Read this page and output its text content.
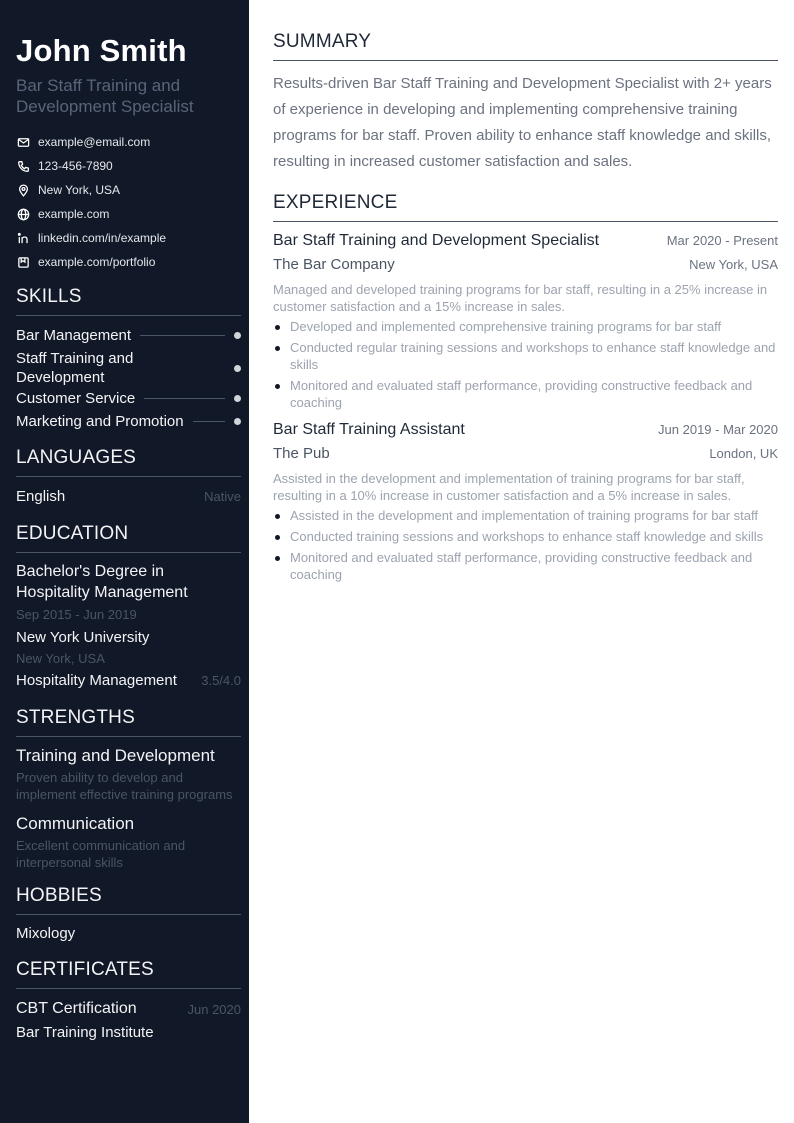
John Smith
Bar Staff Training and Development Specialist
example@email.com
123-456-7890
New York, USA
example.com
linkedin.com/in/example
example.com/portfolio
SKILLS
Bar Management
Staff Training and Development
Customer Service
Marketing and Promotion
LANGUAGES
English	Native
EDUCATION
Bachelor's Degree in Hospitality Management
Sep 2015 - Jun 2019
New York University
New York, USA
Hospitality Management 3.5/4.0
STRENGTHS
Training and Development
Proven ability to develop and implement effective training programs
Communication
Excellent communication and interpersonal skills
HOBBIES
Mixology
CERTIFICATES
CBT Certification	Jun 2020
Bar Training Institute
SUMMARY

Results-driven Bar Staff Training and Development Specialist with 2+ years of experience in developing and implementing comprehensive training programs for bar staff. Proven ability to enhance staff knowledge and skills, resulting in increased customer satisfaction and sales.

EXPERIENCE
Bar Staff Training and Development Specialist	Mar 2020 - Present
The Bar Company	New York, USA
Managed and developed training programs for bar staff, resulting in a 25% increase in customer satisfaction and a 15% increase in sales.
Developed and implemented comprehensive training programs for bar staff
Conducted regular training sessions and workshops to enhance staff knowledge and skills
Monitored and evaluated staff performance, providing constructive feedback and coaching
Bar Staff Training Assistant	Jun 2019 - Mar 2020
The Pub	London, UK
Assisted in the development and implementation of training programs for bar staff, resulting in a 10% increase in customer satisfaction and a 5% increase in sales.
Assisted in the development and implementation of training programs for bar staff
Conducted training sessions and workshops to enhance staff knowledge and skills
Monitored and evaluated staff performance, providing constructive feedback and coaching
